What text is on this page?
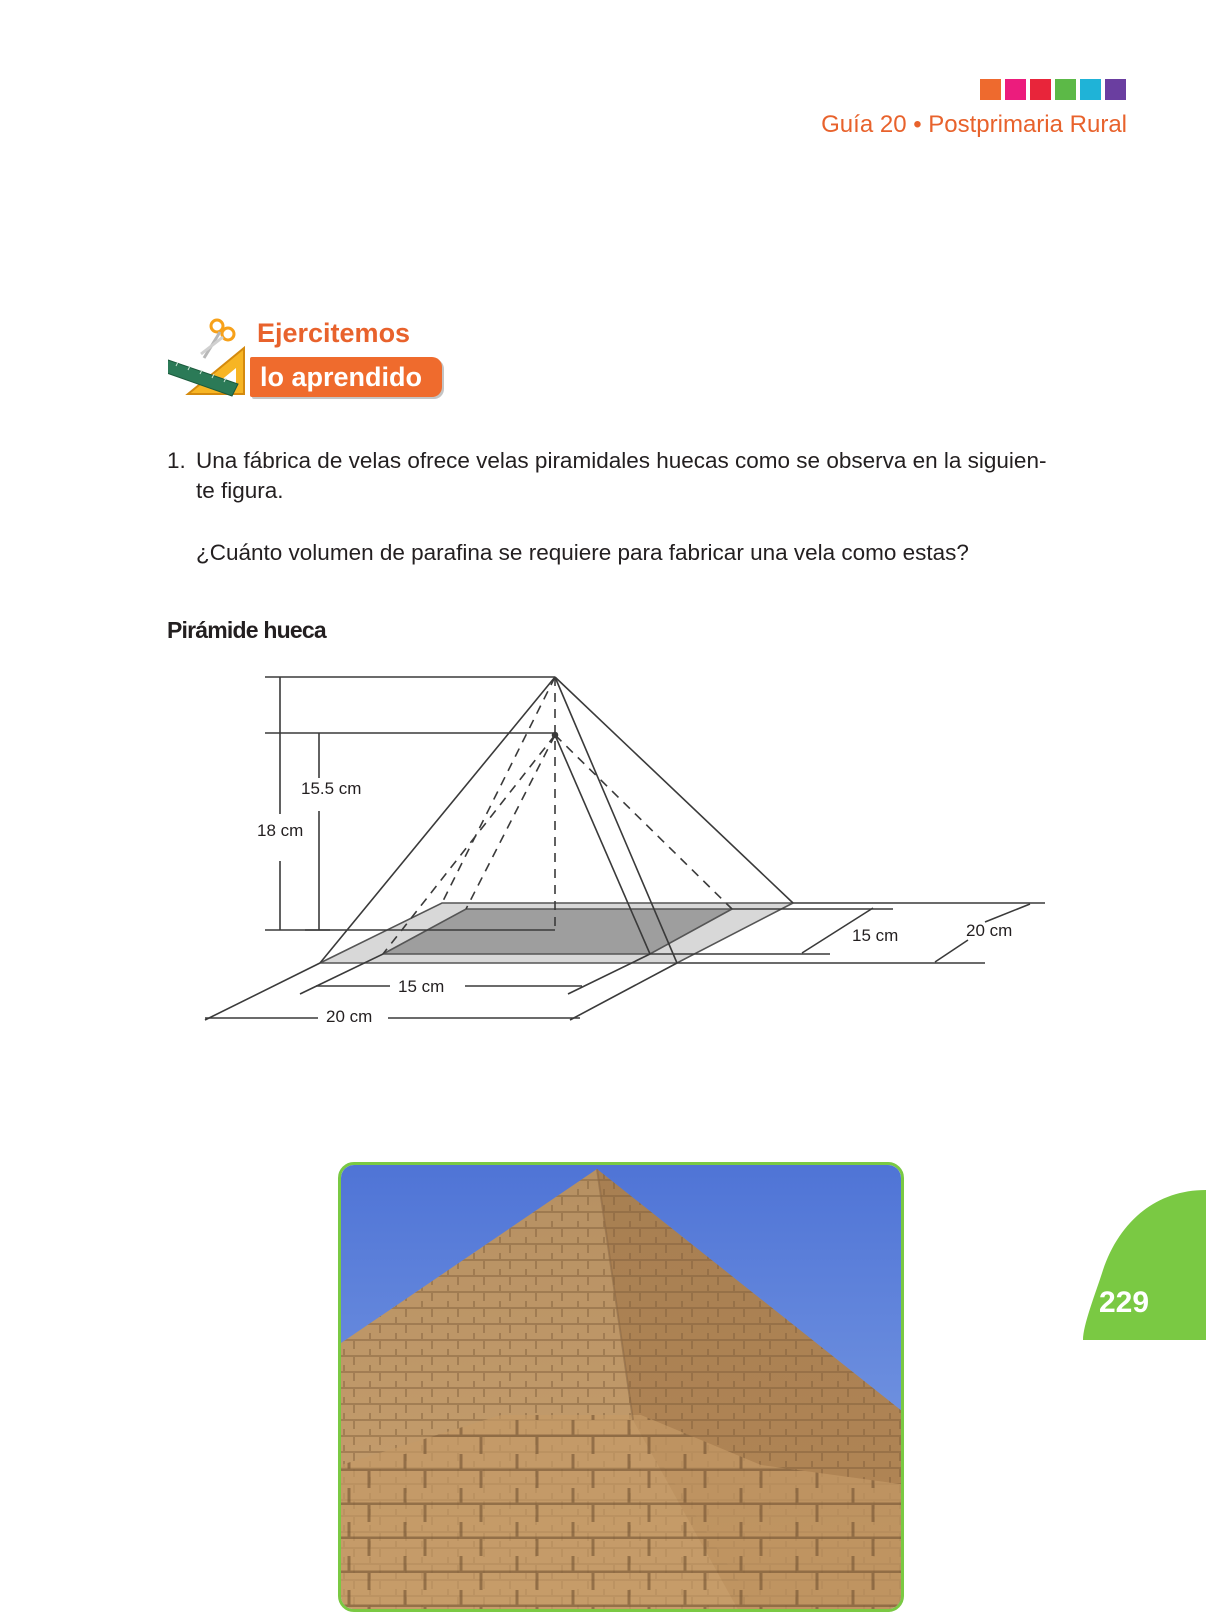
Guía 20 • Postprimaria Rural
Ejercitemos
lo aprendido
1. Una fábrica de velas ofrece velas piramidales huecas como se observa en la siguien-
te figura.
¿Cuánto volumen de parafina se requiere para fabricar una vela como estas?
Pirámide hueca
15.5 cm
18 cm
15 cm
20 cm
15 cm	20 cm
229
